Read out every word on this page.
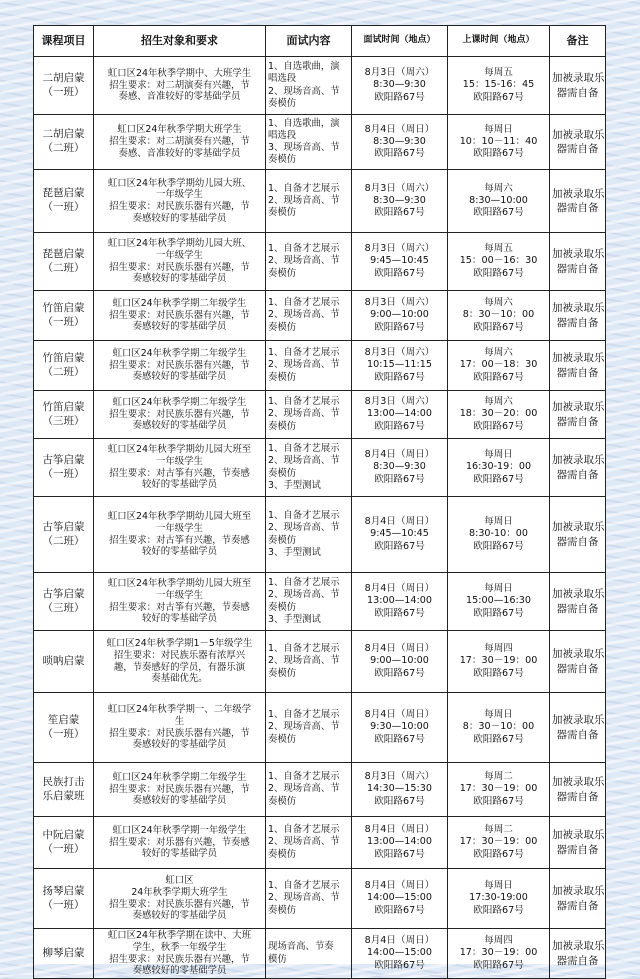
课程项目	招生对象和要求	面试内容	面试时间（地点）	上课时间（地点）	备注

二胡启蒙
（一班）	虹口区24年秋季学期中、大班学生
招生要求：对二胡演奏有兴趣，节
奏感、音准较好的零基础学员	1、自选歌曲，演
唱选段
2、现场音高、节
奏模仿	8月3日（周六）
8:30—9:30
欧阳路67号	每周五
15：15-16：45
欧阳路67号	加被录取乐
器需自备

二胡启蒙
（二班）	虹口区24年秋季学期大班学生
招生要求：对二胡演奏有兴趣，节
奏感、音准较好的零基础学员	1、自选歌曲，演
唱选段
3、现场音高、节
奏模仿	8月4日（周日）
8:30—9:30
欧阳路67号	每周日
10：10－11：40
欧阳路67号	加被录取乐
器需自备

琵琶启蒙
（一班）	虹口区24年秋季学期幼儿园大班、
一年级学生
招生要求：对民族乐器有兴趣，节
奏感较好的零基础学员	1、自备才艺展示
2、现场音高、节
奏模仿	8月3日（周六）
8:30—9:30
欧阳路67号	每周六
8:30—10:00
欧阳路67号	加被录取乐
器需自备

琵琶启蒙
（二班）	虹口区24年秋季学期幼儿园大班、
一年级学生
招生要求：对民族乐器有兴趣，节
奏感较好的零基础学员	1、自备才艺展示
2、现场音高、节
奏模仿	8月3日（周六）
9:45—10:45
欧阳路67号	每周五
15：00－16：30
欧阳路67号	加被录取乐
器需自备

竹笛启蒙
（一班）	虹口区24年秋季学期二年级学生
招生要求：对民族乐器有兴趣，节
奏感较好的零基础学员	1、自备才艺展示
2、现场音高、节
奏模仿	8月3日（周六）
9:00—10:00
欧阳路67号	每周六
8：30－10：00
欧阳路67号	加被录取乐
器需自备

竹笛启蒙
（二班）	虹口区24年秋季学期二年级学生
招生要求：对民族乐器有兴趣，节
奏感较好的零基础学员	1、自备才艺展示
2、现场音高、节
奏模仿	8月3日（周六）
10:15—11:15
欧阳路67号	每周六
17：00－18：30
欧阳路67号	加被录取乐
器需自备

竹笛启蒙
（三班）	虹口区24年秋季学期二年级学生
招生要求：对民族乐器有兴趣，节
奏感较好的零基础学员	1、自备才艺展示
2、现场音高、节
奏模仿	8月3日（周六）
13:00—14:00
欧阳路67号	每周六
18：30－20：00
欧阳路67号	加被录取乐
器需自备

古筝启蒙
（一班）	虹口区24年秋季学期幼儿园大班至
一年级学生
招生要求：对古筝有兴趣，节奏感
较好的零基础学员	1、自备才艺展示
2、现场音高、节
奏模仿
3、手型测试	8月4日（周日）
8:30—9:30
欧阳路67号	每周日
16:30-19：00
欧阳路67号	加被录取乐
器需自备

古筝启蒙
（二班）	虹口区24年秋季学期幼儿园大班至
一年级学生
招生要求：对古筝有兴趣，节奏感
较好的零基础学员	1、自备才艺展示
2、现场音高、节
奏模仿
3、手型测试	8月4日（周日）
9:45—10:45
欧阳路67号	每周日
8:30-10：00
欧阳路67号	加被录取乐
器需自备

古筝启蒙
（三班）	虹口区24年秋季学期幼儿园大班至
一年级学生
招生要求：对古筝有兴趣，节奏感
较好的零基础学员	1、自备才艺展示
2、现场音高、节
奏模仿
3、手型测试	8月4日（周日）
13:00—14:00
欧阳路67号	每周日
15:00—16:30
欧阳路67号	加被录取乐
器需自备

唢呐启蒙	虹口区24年秋季学期1－5年级学生
招生要求：对民族乐器有浓厚兴
趣，节奏感好的学员，有器乐演
奏基础优先。	1、自备才艺展示
2、现场音高、节
奏模仿	8月4日（周日）
9:00—10:00
欧阳路67号	每周四
17：30－19：00
欧阳路67号	加被录取乐
器需自备

笙启蒙
（一班）	虹口区24年秋季学期一、二年级学
生
招生要求：对民族乐器有兴趣，节
奏感较好的零基础学员	1、自备才艺展示
2、现场音高、节
奏模仿	8月4日（周日）
9:30—10:00
欧阳路67号	每周日
8：30－10：00
欧阳路67号	加被录取乐
器需自备

民族打击
乐启蒙班	虹口区24年秋季学期二年级学生
招生要求：对民族乐器有兴趣，节
奏感较好的零基础学员	1、自备才艺展示
2、现场音高、节
奏模仿	8月3日（周六）
14:30—15:30
欧阳路67号	每周二
17：30－19：00
欧阳路67号	加被录取乐
器需自备

中阮启蒙
（一班）	虹口区24年秋季学期一年级学生
招生要求：对乐器有兴趣，节奏感
较好的零基础学员	1、自备才艺展示
2、现场音高、节
奏模仿	8月4日（周日）
13:00—14:00
欧阳路67号	每周二
17：30－19：00
欧阳路67号	加被录取乐
器需自备

扬琴启蒙
（一班）	虹口区
24年秋季学期大班学生
招生要求：对民族乐器有兴趣，节
奏感较好的零基础学员	1、自备才艺展示
2、现场音高、节
奏模仿	8月4日（周日）
14:00—15:00
欧阳路67号	每周日
17:30-19:00
欧阳路67号	加被录取乐
器需自备

柳琴启蒙	虹口区24年秋季学期在读中、大班
学生，秋季一年级学生
招生要求：对民族乐器有兴趣，节
奏感较好的零基础学员	现场音高、节奏
模仿	8月4日（周日）
14:00—15:00
欧阳路67号	每周四
17：30－19：00
欧阳路67号	加被录取乐
器需自备
